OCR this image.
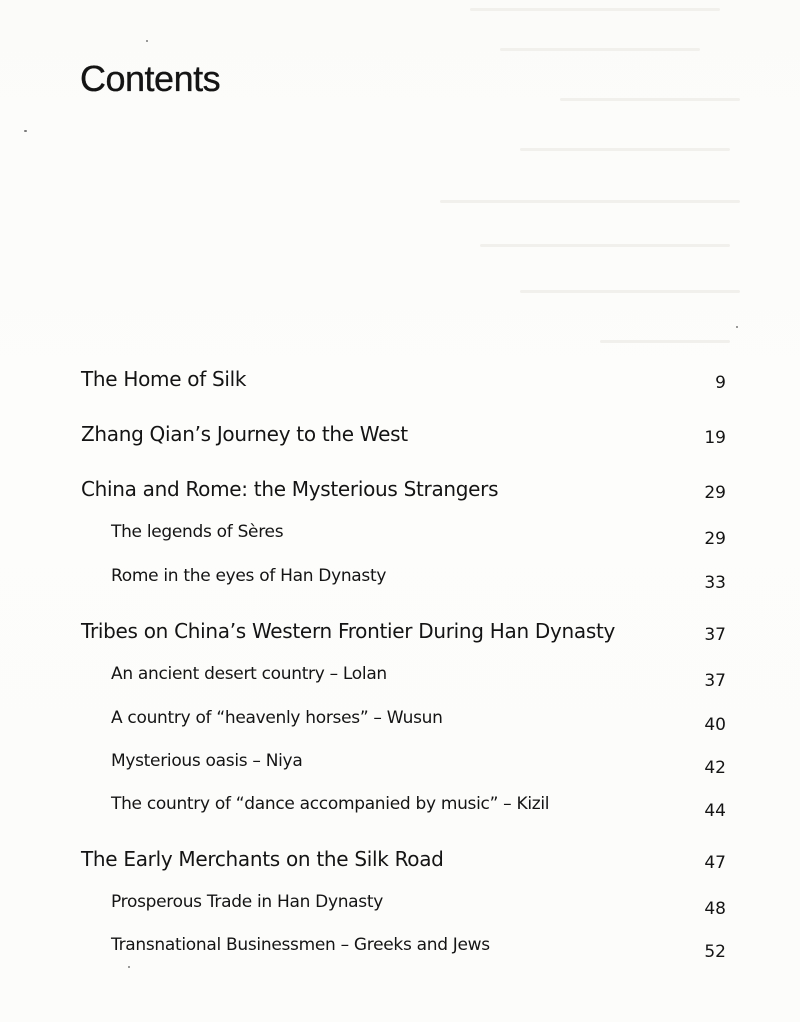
Contents
The Home of Silk	9
Zhang Qian’s Journey to the West	19
China and Rome: the Mysterious Strangers	29
The legends of Sères	29
Rome in the eyes of Han Dynasty	33
Tribes on China’s Western Frontier During Han Dynasty	37
An ancient desert country – Lolan	37
A country of “heavenly horses” – Wusun	40
Mysterious oasis – Niya	42
The country of “dance accompanied by music” – Kizil	44
The Early Merchants on the Silk Road	47
Prosperous Trade in Han Dynasty	48
Transnational Businessmen – Greeks and Jews	52
